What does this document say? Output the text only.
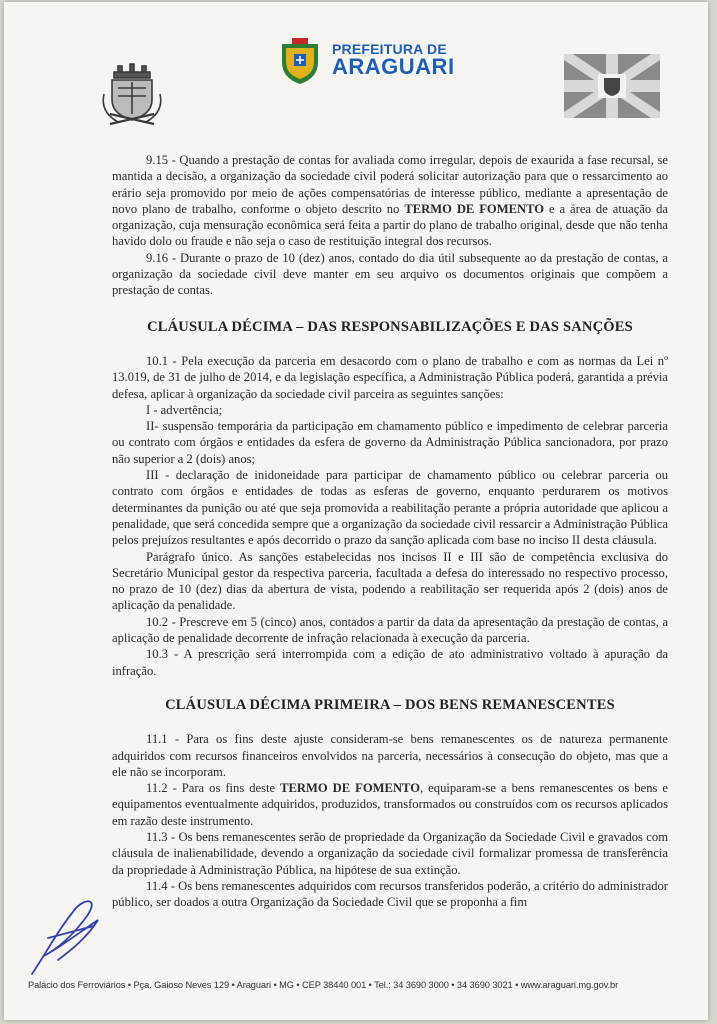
PREFEITURA DE
ARAGUARI

9.15 - Quando a prestação de contas for avaliada como irregular, depois de exaurida a fase recursal, se mantida a decisão, a organização da sociedade civil poderá solicitar autorização para que o ressarcimento ao erário seja promovido por meio de ações compensatórias de interesse público, mediante a apresentação de novo plano de trabalho, conforme o objeto descrito no TERMO DE FOMENTO e a área de atuação da organização, cuja mensuração econômica será feita a partir do plano de trabalho original, desde que não tenha havido dolo ou fraude e não seja o caso de restituição integral dos recursos.

9.16 - Durante o prazo de 10 (dez) anos, contado do dia útil subsequente ao da prestação de contas, a organização da sociedade civil deve manter em seu arquivo os documentos originais que compõem a prestação de contas.

CLÁUSULA DÉCIMA – DAS RESPONSABILIZAÇÕES E DAS SANÇÕES

10.1 - Pela execução da parceria em desacordo com o plano de trabalho e com as normas da Lei nº 13.019, de 31 de julho de 2014, e da legislação específica, a Administração Pública poderá, garantida a prévia defesa, aplicar à organização da sociedade civil parceira as seguintes sanções:

I - advertência;

II- suspensão temporária da participação em chamamento público e impedimento de celebrar parceria ou contrato com órgãos e entidades da esfera de governo da Administração Pública sancionadora, por prazo não superior a 2 (dois) anos;

III - declaração de inidoneidade para participar de chamamento público ou celebrar parceria ou contrato com órgãos e entidades de todas as esferas de governo, enquanto perdurarem os motivos determinantes da punição ou até que seja promovida a reabilitação perante a própria autoridade que aplicou a penalidade, que será concedida sempre que a organização da sociedade civil ressarcir a Administração Pública pelos prejuízos resultantes e após decorrido o prazo da sanção aplicada com base no inciso II desta cláusula.

Parágrafo único. As sanções estabelecidas nos incisos II e III são de competência exclusiva do Secretário Municipal gestor da respectiva parceria, facultada a defesa do interessado no respectivo processo, no prazo de 10 (dez) dias da abertura de vista, podendo a reabilitação ser requerida após 2 (dois) anos de aplicação da penalidade.

10.2 - Prescreve em 5 (cinco) anos, contados a partir da data da apresentação da prestação de contas, a aplicação de penalidade decorrente de infração relacionada à execução da parceria.

10.3 - A prescrição será interrompida com a edição de ato administrativo voltado à apuração da infração.

CLÁUSULA DÉCIMA PRIMEIRA – DOS BENS REMANESCENTES

11.1 - Para os fins deste ajuste consideram-se bens remanescentes os de natureza permanente adquiridos com recursos financeiros envolvidos na parceria, necessários à consecução do objeto, mas que a ele não se incorporam.

11.2 - Para os fins deste TERMO DE FOMENTO, equiparam-se a bens remanescentes os bens e equipamentos eventualmente adquiridos, produzidos, transformados ou construídos com os recursos aplicados em razão deste instrumento.

11.3 - Os bens remanescentes serão de propriedade da Organização da Sociedade Civil e gravados com cláusula de inalienabilidade, devendo a organização da sociedade civil formalizar promessa de transferência da propriedade à Administração Pública, na hipótese de sua extinção.

11.4 - Os bens remanescentes adquiridos com recursos transferidos poderão, a critério do administrador público, ser doados a outra Organização da Sociedade Civil que se proponha a fim

Palácio dos Ferroviários • Pça. Gaioso Neves 129 • Araguari • MG • CEP 38440 001 • Tel.: 34 3690 3000 • 34 3690 3021 • www.araguari.mg.gov.br
